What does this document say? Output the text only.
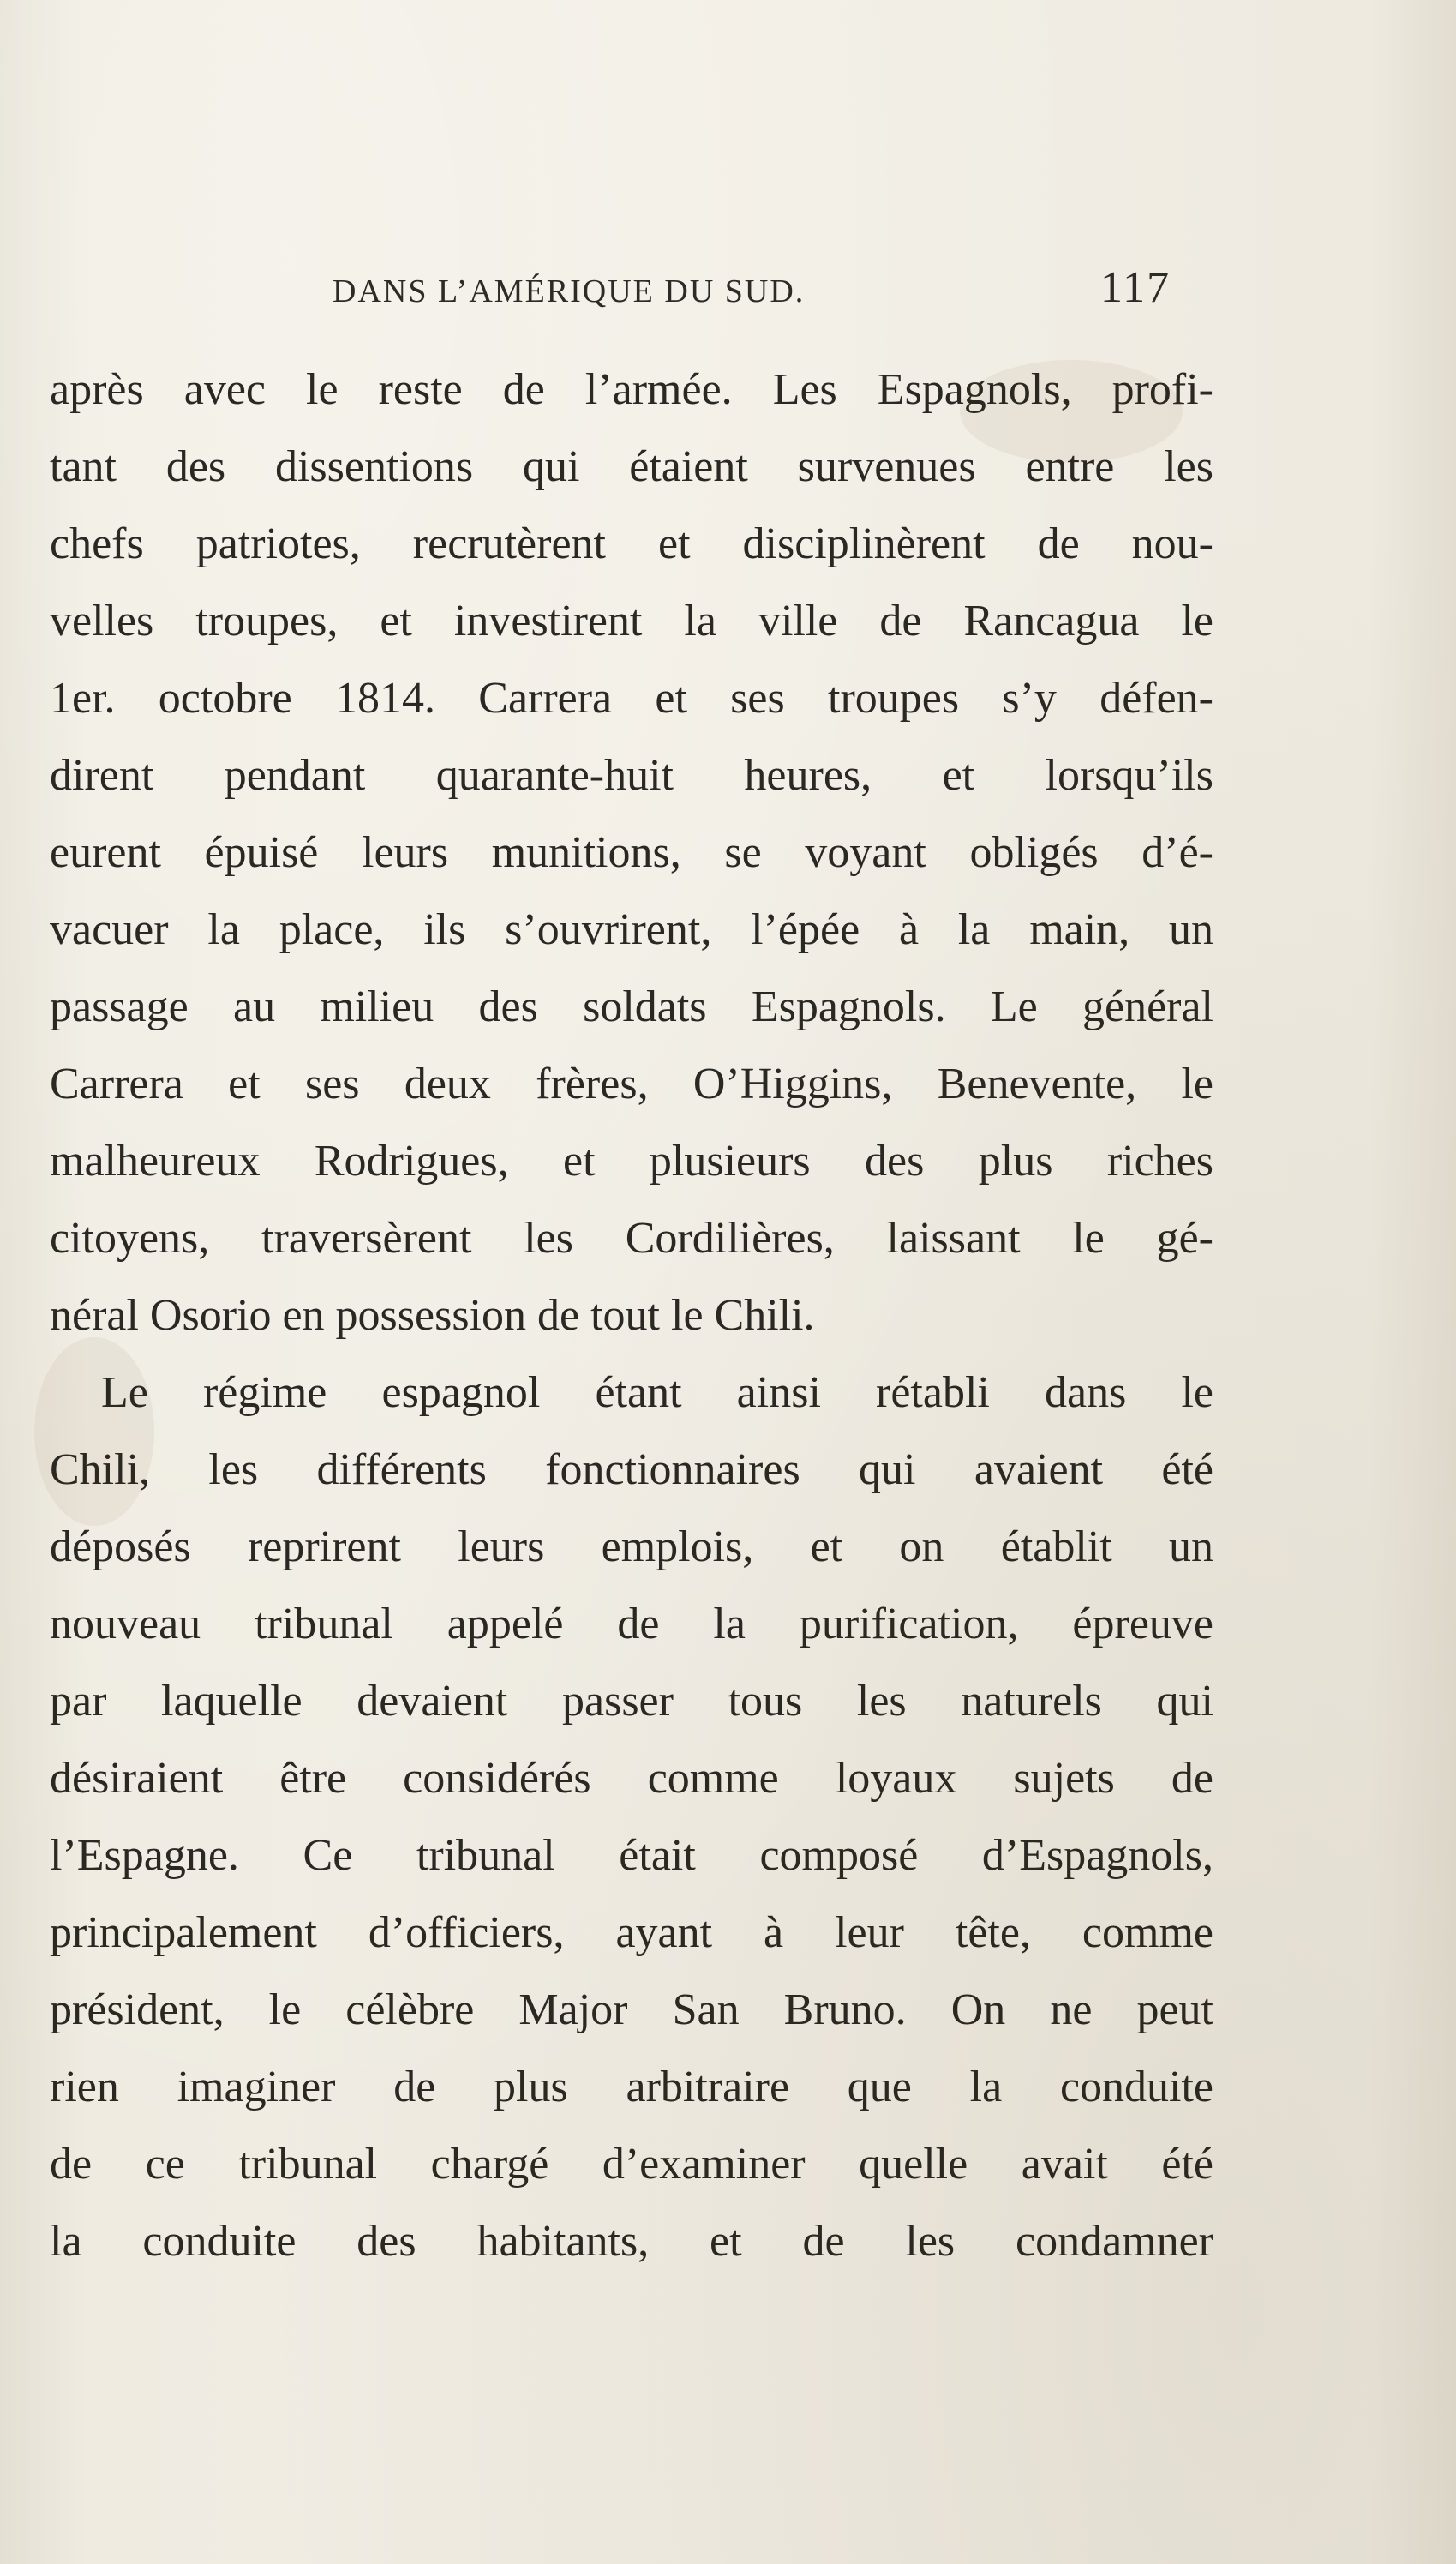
DANS L’AMÉRIQUE DU SUD.	117
après avec le reste de l’armée. Les Espagnols, profi-
tant des dissentions qui étaient survenues entre les
chefs patriotes, recrutèrent et disciplinèrent de nou-
velles troupes, et investirent la ville de Rancagua le
1er. octobre 1814. Carrera et ses troupes s’y défen-
dirent pendant quarante-huit heures, et lorsqu’ils
eurent épuisé leurs munitions, se voyant obligés d’é-
vacuer la place, ils s’ouvrirent, l’épée à la main, un
passage au milieu des soldats Espagnols. Le général
Carrera et ses deux frères, O’Higgins, Benevente, le
malheureux Rodrigues, et plusieurs des plus riches
citoyens, traversèrent les Cordilières, laissant le gé-
néral Osorio en possession de tout le Chili.
Le régime espagnol étant ainsi rétabli dans le
Chili, les différents fonctionnaires qui avaient été
déposés reprirent leurs emplois, et on établit un
nouveau tribunal appelé de la purification, épreuve
par laquelle devaient passer tous les naturels qui
désiraient être considérés comme loyaux sujets de
l’Espagne. Ce tribunal était composé d’Espagnols,
principalement d’officiers, ayant à leur tête, comme
président, le célèbre Major San Bruno. On ne peut
rien imaginer de plus arbitraire que la conduite
de ce tribunal chargé d’examiner quelle avait été
la conduite des habitants, et de les condamner
